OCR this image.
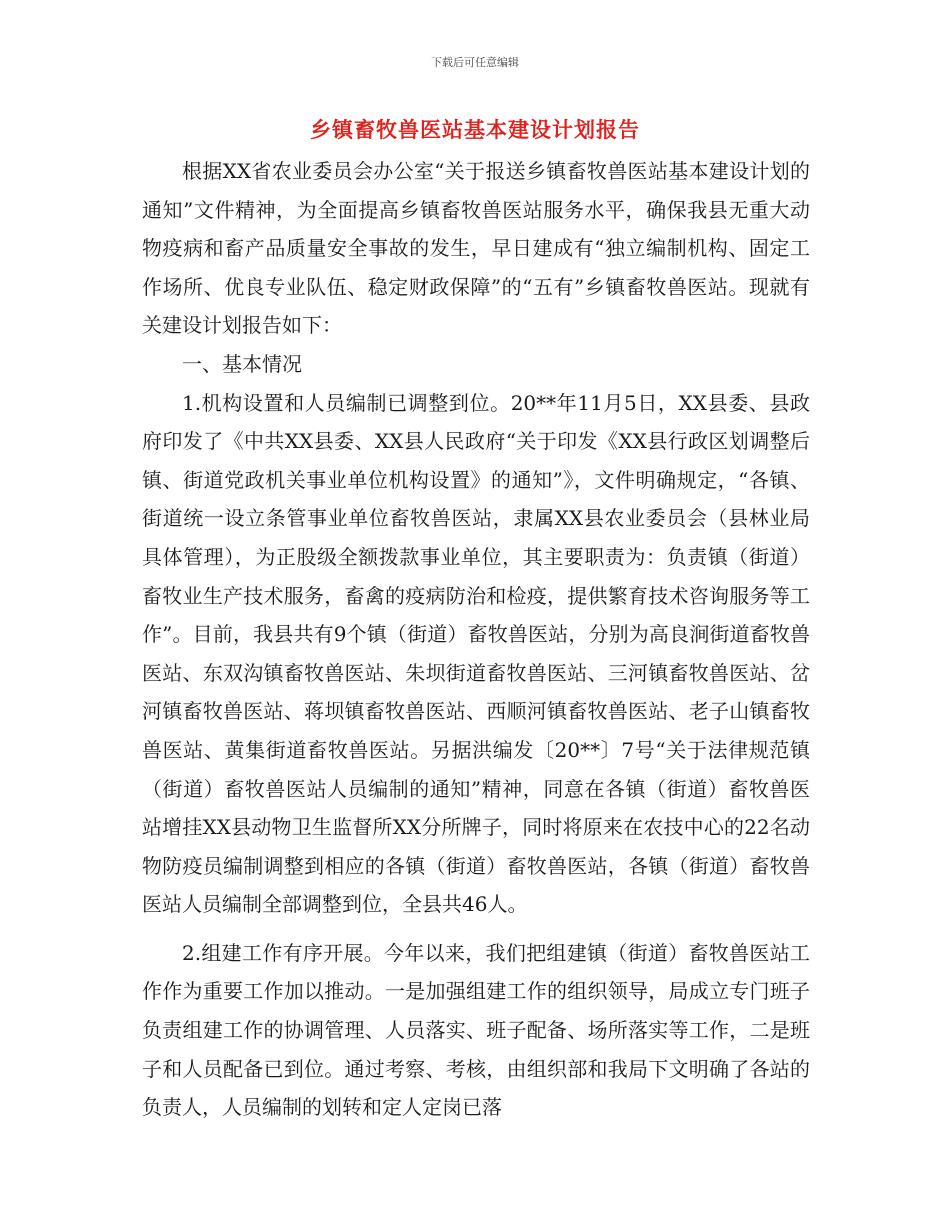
下载后可任意编辑
乡镇畜牧兽医站基本建设计划报告

根据XX省农业委员会办公室“关于报送乡镇畜牧兽医站基本建设计划的通知”文件精神，为全面提高乡镇畜牧兽医站服务水平，确保我县无重大动物疫病和畜产品质量安全事故的发生，早日建成有“独立编制机构、固定工作场所、优良专业队伍、稳定财政保障”的“五有”乡镇畜牧兽医站。现就有关建设计划报告如下：

一、基本情况

1.机构设置和人员编制已调整到位。20**年11月5日，XX县委、县政府印发了《中共XX县委、XX县人民政府“关于印发《XX县行政区划调整后镇、街道党政机关事业单位机构设置》的通知”》，文件明确规定，“各镇、街道统一设立条管事业单位畜牧兽医站，隶属XX县农业委员会（县林业局具体管理），为正股级全额拨款事业单位，其主要职责为：负责镇（街道）畜牧业生产技术服务，畜禽的疫病防治和检疫，提供繁育技术咨询服务等工作”。目前，我县共有9个镇（街道）畜牧兽医站，分别为高良涧街道畜牧兽医站、东双沟镇畜牧兽医站、朱坝街道畜牧兽医站、三河镇畜牧兽医站、岔河镇畜牧兽医站、蒋坝镇畜牧兽医站、西顺河镇畜牧兽医站、老子山镇畜牧兽医站、黄集街道畜牧兽医站。另据洪编发〔20**〕7号“关于法律规范镇（街道）畜牧兽医站人员编制的通知”精神，同意在各镇（街道）畜牧兽医站增挂XX县动物卫生监督所XX分所牌子，同时将原来在农技中心的22名动物防疫员编制调整到相应的各镇（街道）畜牧兽医站，各镇（街道）畜牧兽医站人员编制全部调整到位，全县共46人。

2.组建工作有序开展。今年以来，我们把组建镇（街道）畜牧兽医站工作作为重要工作加以推动。一是加强组建工作的组织领导，局成立专门班子负责组建工作的协调管理、人员落实、班子配备、场所落实等工作，二是班子和人员配备已到位。通过考察、考核，由组织部和我局下文明确了各站的负责人，人员编制的划转和定人定岗已落
